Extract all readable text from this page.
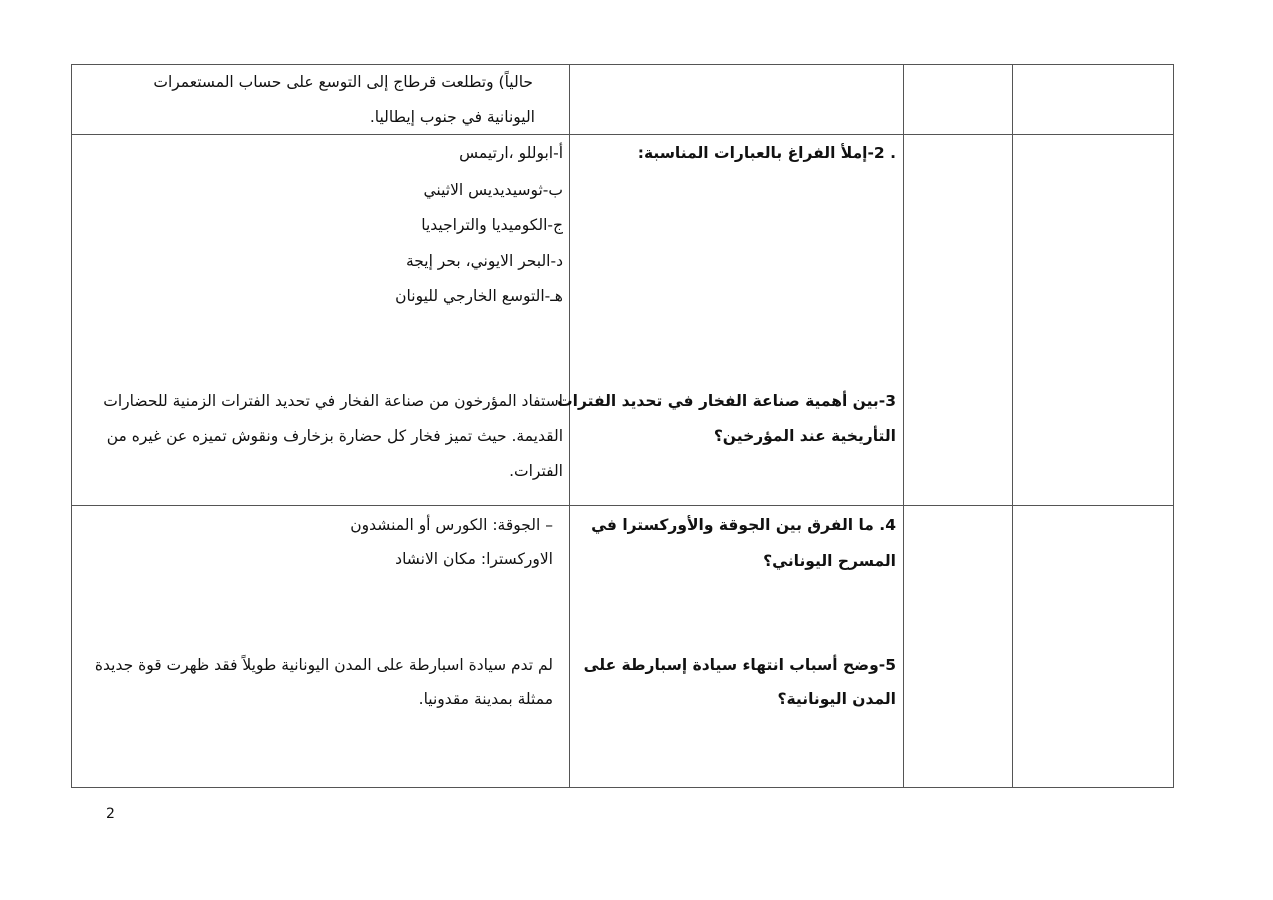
حالياً) وتطلعت قرطاج إلى التوسع على حساب المستعمرات
اليونانية في جنوب إيطاليا.
. 2-إملأ الفراغ بالعبارات المناسبة:
أ-ابوللو ،ارتيمس
ب-ثوسيديديس الاثيني
ج-الكوميديا والتراجيديا
د-البحر الايوني، بحر إيجة
هـ-التوسع الخارجي لليونان
3-بين أهمية صناعة الفخار في تحديد الفترات
التأريخية عند المؤرخين؟
استفاد المؤرخون من صناعة الفخار في تحديد الفترات الزمنية للحضارات
القديمة. حيث تميز فخار كل حضارة بزخارف ونقوش تميزه عن غيره من
الفترات.
4. ما الفرق بين الجوقة والأوركسترا في
المسرح اليوناني؟
– الجوقة: الكورس أو المنشدون
الاوركسترا: مكان الانشاد
5-وضح أسباب انتهاء سيادة إسبارطة على
المدن اليونانية؟
لم تدم سيادة اسبارطة على المدن اليونانية طويلاً فقد ظهرت قوة جديدة
ممثلة بمدينة مقدونيا.
2
